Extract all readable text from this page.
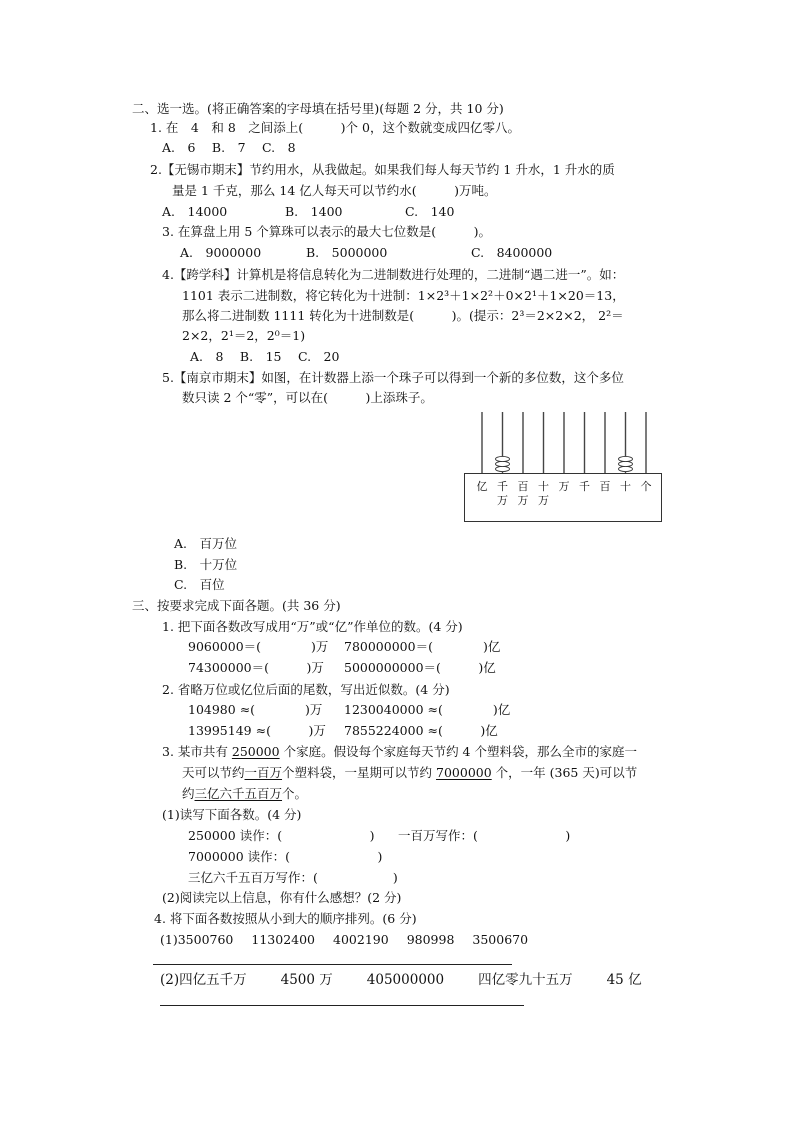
二、选一选。(将正确答案的字母填在括号里)(每题 2 分，共 10 分)
1. 在　4　和 8　之间添上(　　　)个 0，这个数就变成四亿零八。
A.　6　 B.　7　 C.　8
2.【无锡市期末】节约用水，从我做起。如果我们每人每天节约 1 升水，1 升水的质
量是 1 千克，那么 14 亿人每天可以节约水(　　　)万吨。
A.　14000	B.　1400	C.　140
3. 在算盘上用 5 个算珠可以表示的最大七位数是(　　　)。
A.　9000000	B.　5000000	C.　8400000
4.【跨学科】计算机是将信息转化为二进制数进行处理的，二进制“遇二进一”。如：
1101 表示二进制数，将它转化为十进制：1×2³＋1×2²＋0×2¹＋1×20＝13，
那么将二进制数 1111 转化为十进制数是(　　　)。(提示：2³＝2×2×2， 2²＝
2×2，2¹＝2，2⁰＝1)
A.　8　 B.　15　 C.　20
5.【南京市期末】如图，在计数器上添一个珠子可以得到一个新的多位数，这个多位
数只读 2 个“零”，可以在(　　　)上添珠子。
亿 千
万
百
万
十
万
万 千 百 十 个
A.　百万位
B.　十万位
C.　百位
三、按要求完成下面各题。(共 36 分)
1. 把下面各数改写成用“万”或“亿”作单位的数。(4 分)
9060000＝(　　　　)万 780000000＝(　　　　)亿
74300000＝(　　　)万 5000000000＝(　　　)亿
2. 省略万位或亿位后面的尾数，写出近似数。(4 分)
104980 ≈(　　　　)万 1230040000 ≈(　　　　)亿
13995149 ≈(　　　)万 7855224000 ≈(　　　)亿
3. 某市共有 250000 个家庭。假设每个家庭每天节约 4 个塑料袋，那么全市的家庭一
天可以节约一百万个塑料袋，一星期可以节约 7000000 个，一年 (365 天)可以节
约三亿六千五百万个。
(1)读写下面各数。(4 分)
250000 读作：(　　　　　　　) 一百万写作：(　　　　　　　)
7000000 读作：(　　　　　　　)
三亿六千五百万写作：(　　　　　　)
(2)阅读完以上信息，你有什么感想？(2 分)
4. 将下面各数按照从小到大的顺序排列。(6 分)
(1)3500760 11302400 4002190 980998 3500670
(2)四亿五千万	4500 万	405000000	四亿零九十五万	45 亿
